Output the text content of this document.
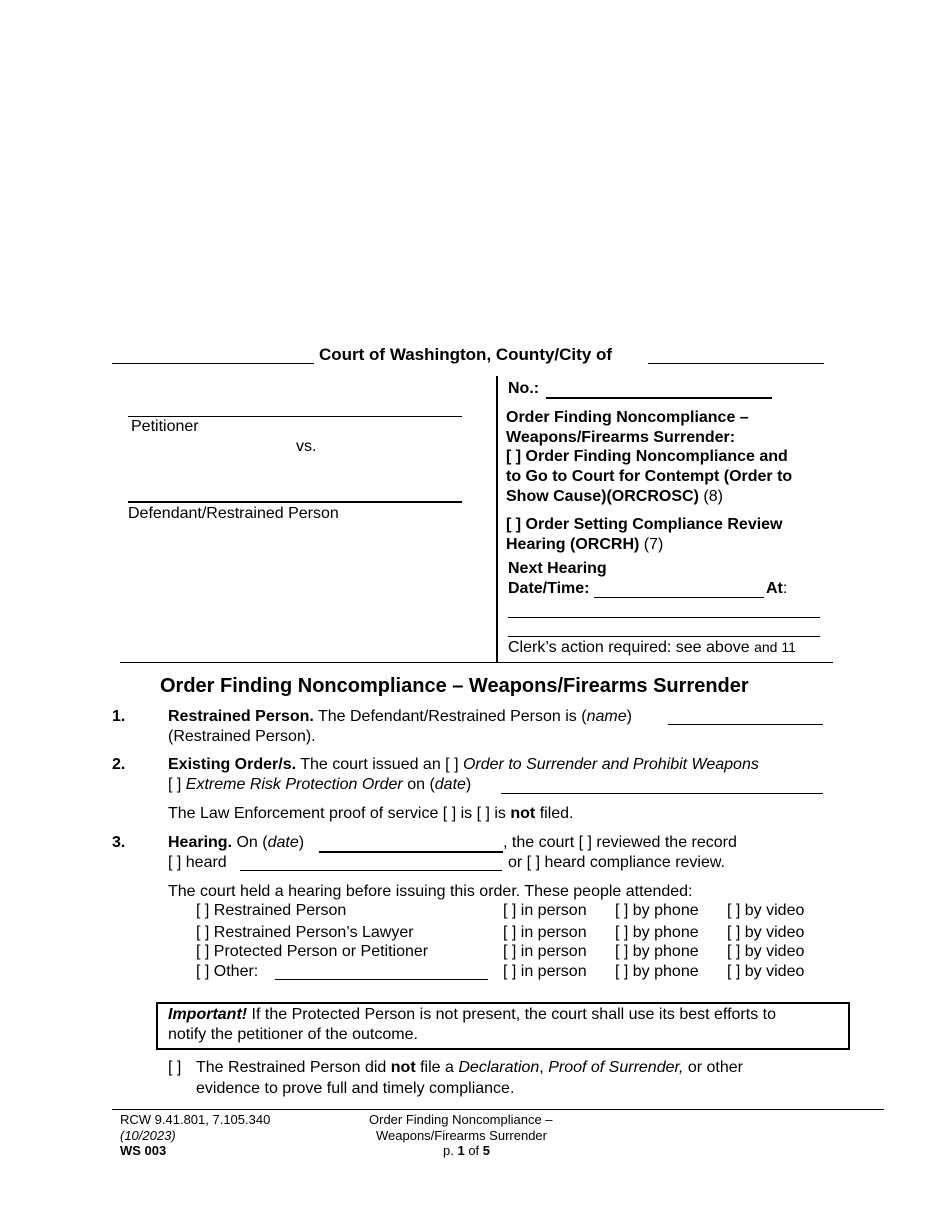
Court of Washington, County/City of
Petitioner
vs.
Defendant/Restrained Person
No.:
Order Finding Noncompliance –
Weapons/Firearms Surrender:
[ ] Order Finding Noncompliance and
to Go to Court for Contempt (Order to
Show Cause)(ORCROSC) (8)
[ ] Order Setting Compliance Review
Hearing (ORCRH) (7)
Next Hearing
Date/Time:	At:
Clerk’s action required: see above and 11
Order Finding Noncompliance – Weapons/Firearms Surrender
1.	Restrained Person. The Defendant/Restrained Person is (name)
(Restrained Person).
2.	Existing Order/s. The court issued an [ ] Order to Surrender and Prohibit Weapons
[ ] Extreme Risk Protection Order on (date)
The Law Enforcement proof of service [ ] is [ ] is not filed.
3.	Hearing. On (date)	, the court [ ] reviewed the record
[ ] heard	or [ ] heard compliance review.
The court held a hearing before issuing this order. These people attended:
[ ] Restrained Person	[ ] in person [ ] by phone [ ] by video
[ ] Restrained Person’s Lawyer	[ ] in person [ ] by phone [ ] by video
[ ] Protected Person or Petitioner	[ ] in person [ ] by phone [ ] by video
[ ] Other:	[ ] in person [ ] by phone [ ] by video
Important! If the Protected Person is not present, the court shall use its best efforts to
notify the petitioner of the outcome.
[ ] The Restrained Person did not file a Declaration, Proof of Surrender, or other
evidence to prove full and timely compliance.
RCW 9.41.801, 7.105.340
(10/2023)
WS 003
Order Finding Noncompliance –
Weapons/Firearms Surrender
p. 1 of 5
